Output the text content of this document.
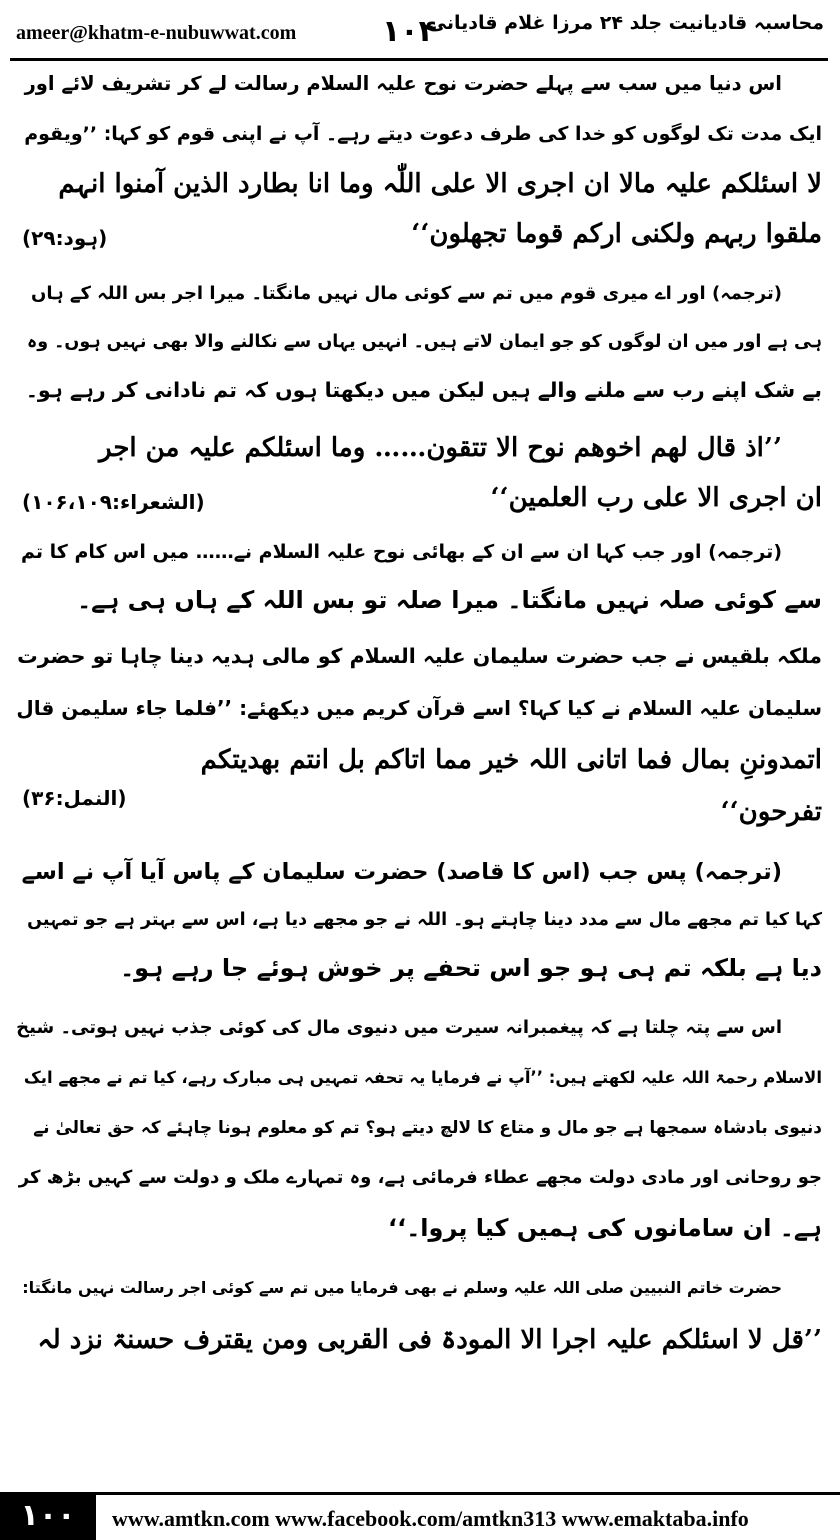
ameer@khatm-e-nubuwwat.com	۱۰۴
محاسبہ قادیانیت جلد ۲۴ مرزا غلام قادیانی
اس دنیا میں سب سے پہلے حضرت نوح علیہ السلام رسالت لے کر تشریف لائے اور
ایک مدت تک لوگوں کو خدا کی طرف دعوت دیتے رہے۔ آپ نے اپنی قوم کو کہا: ’’ویقوم
لا اسئلکم علیہ مالا ان اجری الا علی اللّٰہ وما انا بطارد الذین آمنوا انہم
ملقوا ربہم ولکنی ارکم قوما تجھلون‘‘
(ہود:۲۹)
(ترجمہ) اور اے میری قوم میں تم سے کوئی مال نہیں مانگتا۔ میرا اجر بس اللہ کے ہاں
ہی ہے اور میں ان لوگوں کو جو ایمان لاتے ہیں۔ انہیں یہاں سے نکالنے والا بھی نہیں ہوں۔ وہ
بے شک اپنے رب سے ملنے والے ہیں لیکن میں دیکھتا ہوں کہ تم نادانی کر رہے ہو۔
’’اذ قال لھم اخوھم نوح الا تتقون…… وما اسئلکم علیہ من اجر
ان اجری الا علی رب العلمین‘‘
(الشعراء:۱۰۶،۱۰۹)
(ترجمہ) اور جب کہا ان سے ان کے بھائی نوح علیہ السلام نے…… میں اس کام کا تم
سے کوئی صلہ نہیں مانگتا۔ میرا صلہ تو بس اللہ کے ہاں ہی ہے۔
ملکہ بلقیس نے جب حضرت سلیمان علیہ السلام کو مالی ہدیہ دینا چاہا تو حضرت
سلیمان علیہ السلام نے کیا کہا؟ اسے قرآن کریم میں دیکھئے: ’’فلما جاء سلیمن قال
اتمدوننِ بمال فما اتانی اللہ خیر مما اتاکم بل انتم بھدیتکم
تفرحون‘‘
(النمل:۳۶)
(ترجمہ) پس جب (اس کا قاصد) حضرت سلیمان کے پاس آیا آپ نے اسے
کہا کیا تم مجھے مال سے مدد دینا چاہتے ہو۔ اللہ نے جو مجھے دیا ہے، اس سے بہتر ہے جو تمہیں
دیا ہے بلکہ تم ہی ہو جو اس تحفے پر خوش ہوئے جا رہے ہو۔
اس سے پتہ چلتا ہے کہ پیغمبرانہ سیرت میں دنیوی مال کی کوئی جذب نہیں ہوتی۔ شیخ
الاسلام رحمۃ اللہ علیہ لکھتے ہیں: ’’آپ نے فرمایا یہ تحفہ تمہیں ہی مبارک رہے، کیا تم نے مجھے ایک
دنیوی بادشاہ سمجھا ہے جو مال و متاع کا لالچ دیتے ہو؟ تم کو معلوم ہونا چاہئے کہ حق تعالیٰ نے
جو روحانی اور مادی دولت مجھے عطاء فرمائی ہے، وہ تمہارے ملک و دولت سے کہیں بڑھ کر
ہے۔ ان سامانوں کی ہمیں کیا پروا۔‘‘
حضرت خاتم النبیین صلی اللہ علیہ وسلم نے بھی فرمایا میں تم سے کوئی اجر رسالت نہیں مانگتا:
’’قل لا اسئلکم علیہ اجرا الا المودۃ فی القربی ومن یقترف حسنۃ نزد لہ
۱۰۰	www.amtkn.com www.facebook.com/amtkn313 www.emaktaba.info
